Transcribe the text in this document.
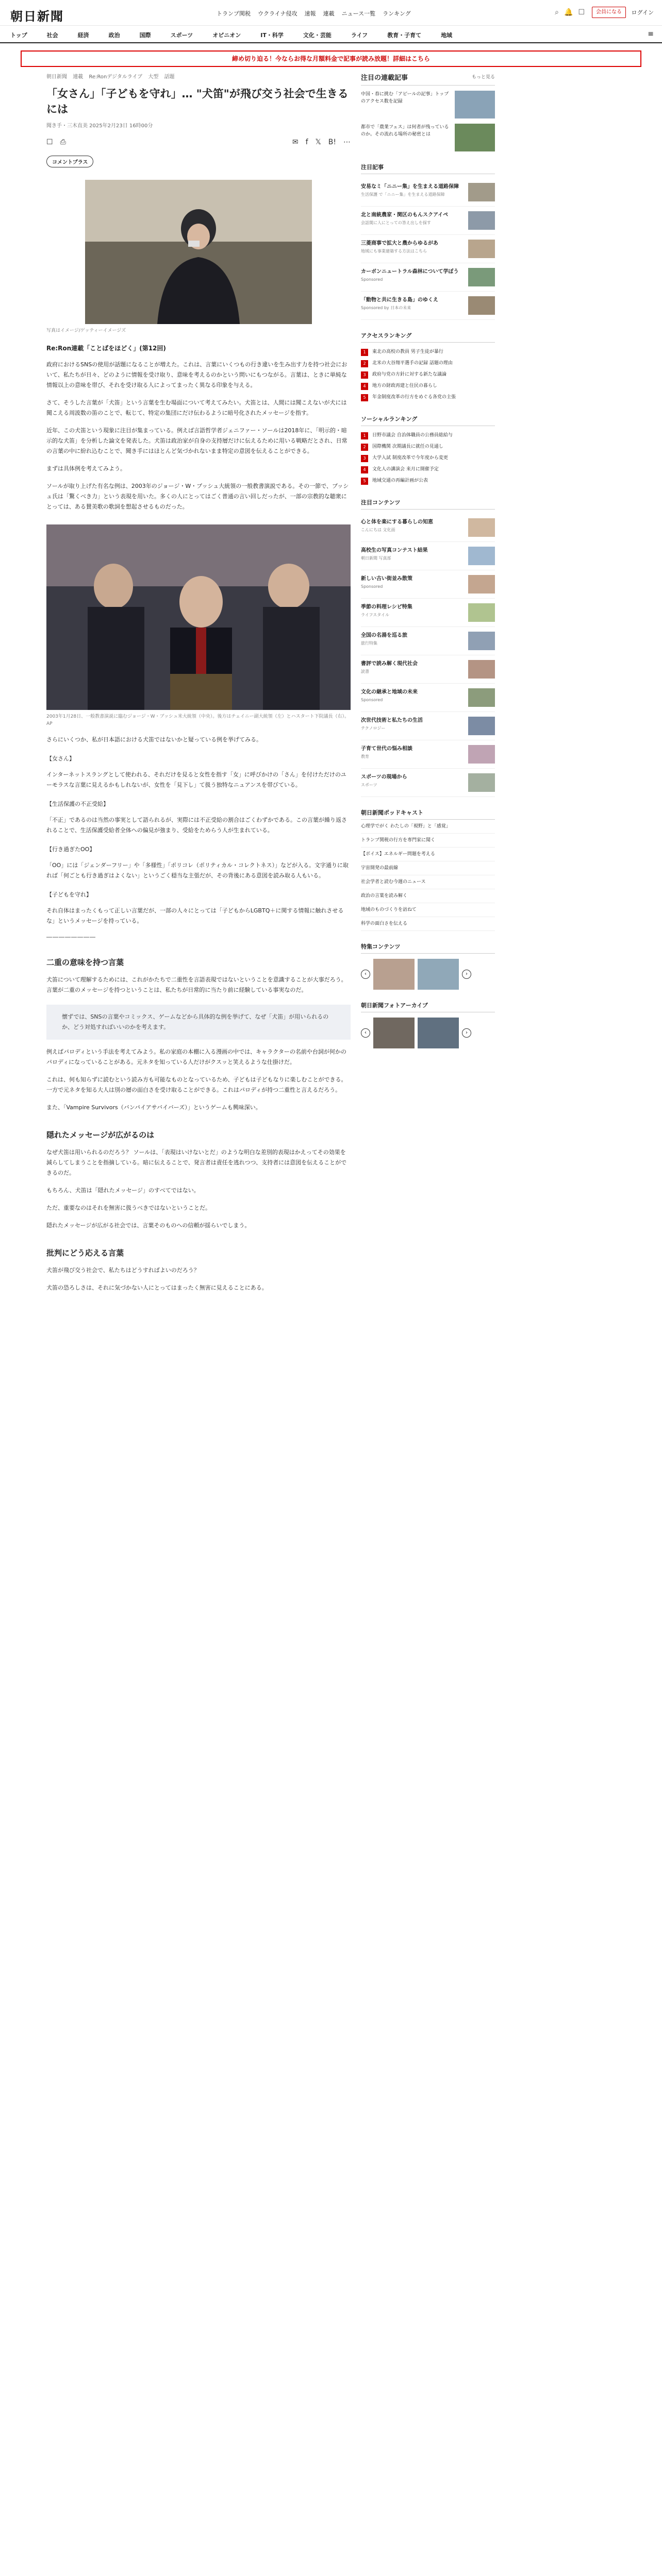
朝日新聞	トランプ関税 ウクライナ侵攻 速報 連載 ニュース一覧 ランキング	⌕ 🔔 ☐	会員になる	ログイン
トップ	社会	経済	政治	国際	スポーツ	オピニオン	IT・科学	文化・芸能	ライフ	教育・子育て	地域	≡
締め切り迫る！今ならお得な月額料金で記事が読み放題！詳細はこちら
朝日新聞 連載 Re:Ronデジタルライブ 大型 話題
「女さん」「子どもを守れ」… "犬笛"が飛び交う社会で生きるには
聞き手・三木直美 2025年2月23日 16時00分
☐ ⎙	✉ f 𝕏 B! ⋯
コメントプラス
写真はイメージ/ゲッティーイメージズ
Re:Ron連載「ことばをほどく」(第12回)

政府におけるSNSの使用が話題になることが増えた。これは、言葉にいくつもの行き違いを生み出す力を持つ社会において、私たちが日々、どのように情報を受け取り、意味を考えるのかという問いにもつながる。言葉は、ときに単純な情報以上の意味を帯び、それを受け取る人によってまったく異なる印象を与える。

さて、そうした言葉が「犬笛」という言葉を生む場面について考えてみたい。犬笛とは、人間には聞こえないが犬には聞こえる周波数の笛のことで、転じて、特定の集団にだけ伝わるように暗号化されたメッセージを指す。

近年、この犬笛という現象に注目が集まっている。例えば言語哲学者ジェニファー・ソールは2018年に、「明示的・暗示的な犬笛」を分析した論文を発表した。犬笛は政治家が自身の支持層だけに伝えるために用いる戦略だとされ、日常の言葉の中に紛れ込むことで、聞き手にはほとんど気づかれないまま特定の意図を伝えることができる。

まずは具体例を考えてみよう。

ソールが取り上げた有名な例は、2003年のジョージ・W・ブッシュ大統領の一般教書演説である。その一節で、ブッシュ氏は「驚くべき力」という表現を用いた。多くの人にとってはごく普通の言い回しだったが、一部の宗教的な聴衆にとっては、ある賛美歌の歌詞を想起させるものだった。

2003年1月28日、一般教書演説に臨むジョージ・W・ブッシュ米大統領（中央）。後方はチェイニー副大統領（左）とハスタート下院議長（右）。AP

さらにいくつか、私が日本語における犬笛ではないかと疑っている例を挙げてみる。

【女さん】

インターネットスラングとして使われる、それだけを見ると女性を指す「女」に呼びかけの「さん」を付けただけのユーモラスな言葉に見えるかもしれないが、女性を「見下し」て扱う独特なニュアンスを帯びている。

【生活保護の不正受給】

「不正」であるのは当然の事実として語られるが、実際には不正受給の割合はごくわずかである。この言葉が繰り返されることで、生活保護受給者全体への偏見が強まり、受給をためらう人が生まれている。

【行き過ぎたOO】

「OO」には「ジェンダーフリー」や「多様性」「ポリコレ（ポリティカル・コレクトネス）」などが入る。文字通りに取れば「何ごとも行き過ぎはよくない」というごく穏当な主張だが、その背後にある意図を読み取る人もいる。

【子どもを守れ】

それ自体はまったくもって正しい言葉だが、一部の人々にとっては「子どもからLGBTQ＋に関する情報に触れさせるな」というメッセージを持っている。

――――――――
二重の意味を持つ言葉

犬笛について理解するためには、これがかたちで二重性を言語表現ではないということを意識することが大事だろう。言葉が二重のメッセージを持つということは、私たちが日常的に当たり前に経験している事実なのだ。

懐ずでは、SNSの言葉やコミックス、ゲームなどから具体的な例を挙げて、なぜ「犬笛」が用いられるのか、どう対処すればいいのかを考えます。

例えばパロディという手法を考えてみよう。私の家庭の本棚に入る漫画の中では、キャラクターの名前や台詞が何かのパロディになっていることがある。元ネタを知っている人だけがクスッと笑えるような仕掛けだ。

これは、何も知らずに読むという読み方も可能なものとなっているため、子どもは子どもなりに楽しむことができる。一方で元ネタを知る大人は別の層の面白さを受け取ることができる。これはパロディが持つ二重性と言えるだろう。

また、「Vampire Survivors（バンパイアサバイバーズ）」というゲームも興味深い。

隠れたメッセージが広がるのは

なぜ犬笛は用いられるのだろう？ ソールは、「表現はいけないとだ」のような明白な差別的表現はかえってその効果を減らしてしまうことを指摘している。暗に伝えることで、発言者は責任を逃れつつ、支持者には意図を伝えることができるのだ。

もちろん、犬笛は「隠れたメッセージ」のすべてではない。

ただ、重要なのはそれを無害に扱うべきではないということだ。

隠れたメッセージが広がる社会では、言葉そのものへの信頼が揺らいでしまう。

批判にどう応える言葉

犬笛が飛び交う社会で、私たちはどうすればよいのだろう？

犬笛の恐ろしさは、それに気づかない人にとってはまったく無害に見えることにある。

注目の連載記事	もっと見る
中国・春に挑む「アピールの記事」トップのアクセス数を記録
都市で「農業フェス」は何者が残っているのか。その流れる場所の秘密とは
注目記事
安易なミ「ニニー集」を生まえる道路保障
生活保護 で「ニニー集」を生まえる道路保障
北と南統農家・関区のもんスクアイペ
会話関に人にとっての答え出しを探す
三菱商事で拡大と農からゆるがあ
地域にも事業建築する方法はこちら
カーボンニュートラル森林について学ぼう
Sponsored
「動物と共に生きる島」のゆくえ
Sponsored by 日本の未来
アクセスランキング
1	東北の高校の教員 男子生徒が暴行
2	北米の大谷翔平選手の記録 話題の理由
3	政府与党の方針に対する新たな議論
4	地方の財政再建と住民の暮らし
5	年金制度改革の行方をめぐる各党の主張
ソーシャルランキング
1	日野市議会 自治体職員の公務員総給与
2	国際機関 次期議長に就任の見通し
3	大学入試 制度改革で今年度から変更
4	文化人の講演会 来月に開催予定
5	地域交通の再編計画が公表
注目コンテンツ
心と体を楽にする暮らしの知恵
こんにちは 文化面
高校生の写真コンテスト結果
朝日新聞 写真部
新しい古い街並み散策
Sponsored
季節の料理レシピ特集
ライフスタイル
全国の名湯を巡る旅
旅行特集
書評で読み解く現代社会
読書
文化の継承と地域の未来
Sponsored
次世代技術と私たちの生活
テクノロジー
子育て世代の悩み相談
教育
スポーツの現場から
スポーツ
朝日新聞ポッドキャスト
心理学でがく わたしの「視野」と「感覚」
トランプ関税の行方を専門家に聞く
【ボイス】エネルギー問題を考える
宇宙開発の最前線
社会学者と読む今週のニュース
政治の言葉を読み解く
地域のものづくりを訪ねて
科学の面白さを伝える
特集コンテンツ
‹	›
朝日新聞フォトアーカイブ
‹	›
